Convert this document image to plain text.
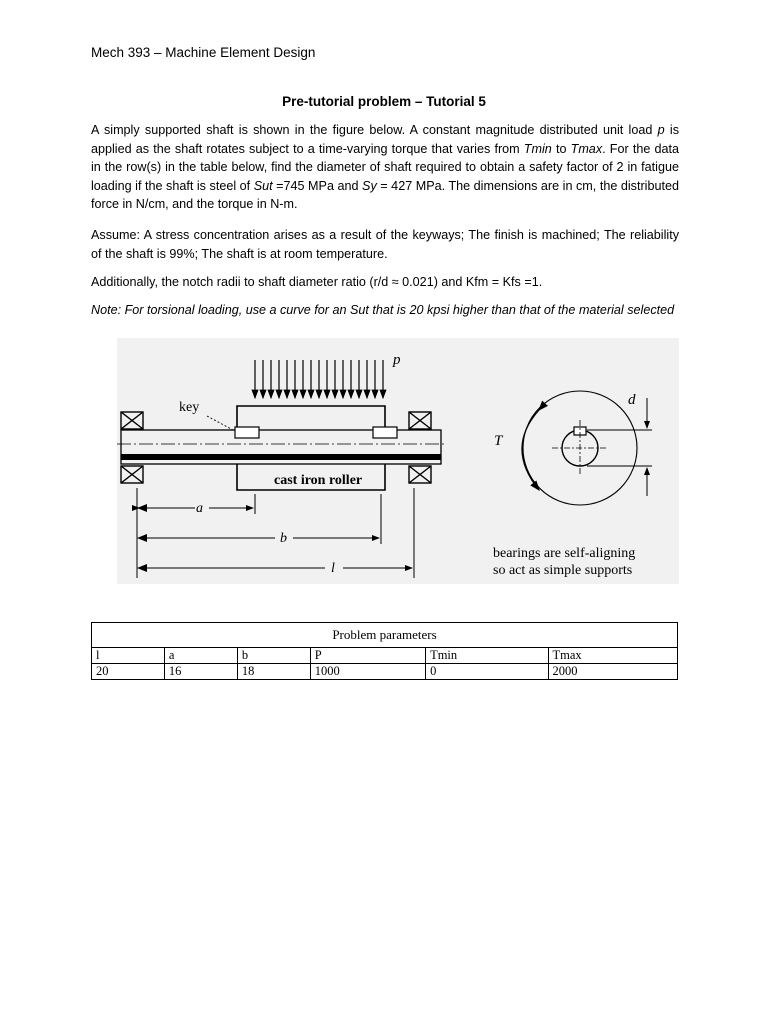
Mech 393 – Machine Element Design
Pre-tutorial problem – Tutorial 5
A simply supported shaft is shown in the figure below. A constant magnitude distributed unit load p is applied as the shaft rotates subject to a time-varying torque that varies from Tmin to Tmax. For the data in the row(s) in the table below, find the diameter of shaft required to obtain a safety factor of 2 in fatigue loading if the shaft is steel of Sut =745 MPa and Sy = 427 MPa. The dimensions are in cm, the distributed force in N/cm, and the torque in N-m.
Assume: A stress concentration arises as a result of the keyways; The finish is machined; The reliability of the shaft is 99%; The shaft is at room temperature.
Additionally, the notch radii to shaft diameter ratio (r/d ≈ 0.021) and Kfm = Kfs =1.
Note: For torsional loading, use a curve for an Sut that is 20 kpsi higher than that of the material selected
p
cast iron roller
key
a
b
l
T
d
bearings are self-aligning
so act as simple supports
Problem parameters					
l	a	b	P	Tmin	Tmax
20	16	18	1000	0	2000
